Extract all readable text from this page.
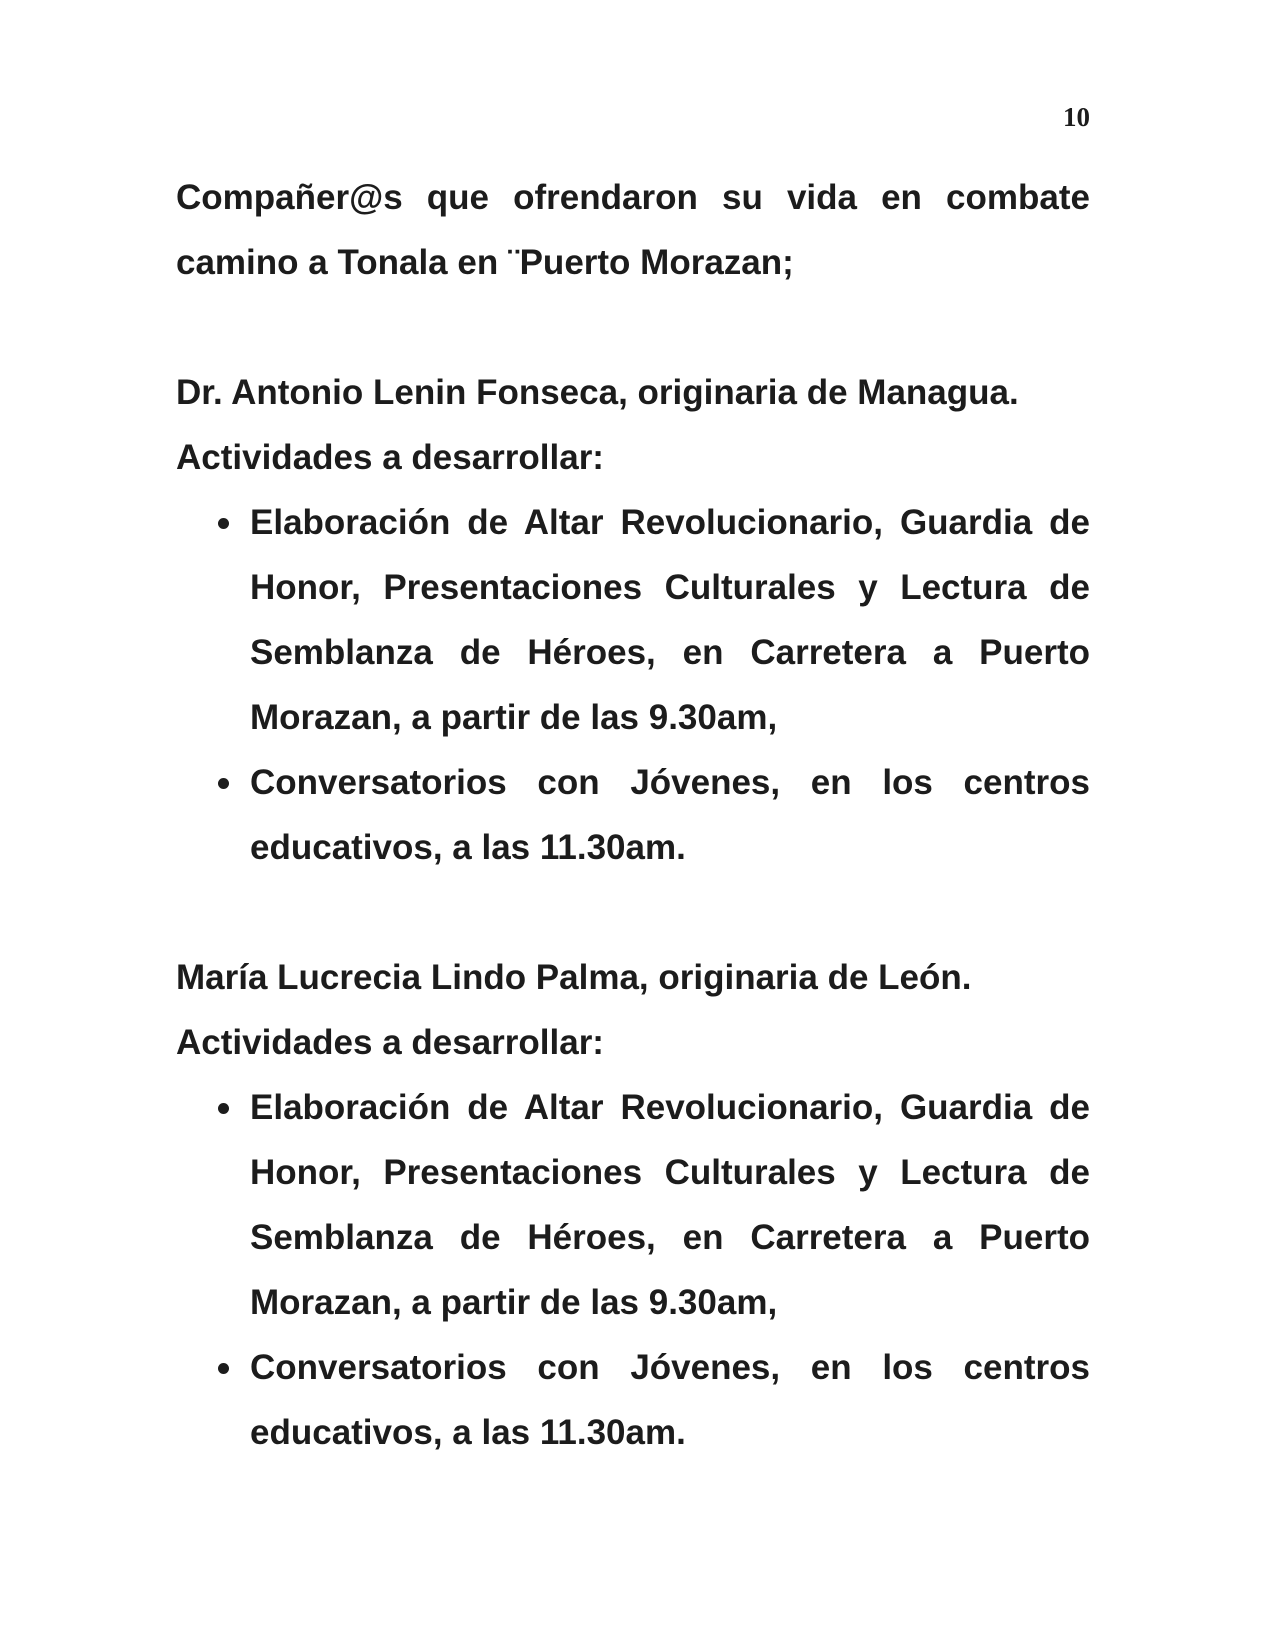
10

Compañer@s que ofrendaron su vida en combate camino a Tonala en ¨Puerto Morazan;

Dr. Antonio Lenin Fonseca, originaria de Managua.

Actividades a desarrollar:

Elaboración de Altar Revolucionario, Guardia de Honor, Presentaciones Culturales y Lectura de Semblanza de Héroes, en Carretera a Puerto Morazan, a partir de las 9.30am,
Conversatorios con Jóvenes, en los centros educativos, a las 11.30am.

María Lucrecia Lindo Palma, originaria de León.

Actividades a desarrollar:

Elaboración de Altar Revolucionario, Guardia de Honor, Presentaciones Culturales y Lectura de Semblanza de Héroes, en Carretera a Puerto Morazan, a partir de las 9.30am,
Conversatorios con Jóvenes, en los centros educativos, a las 11.30am.
